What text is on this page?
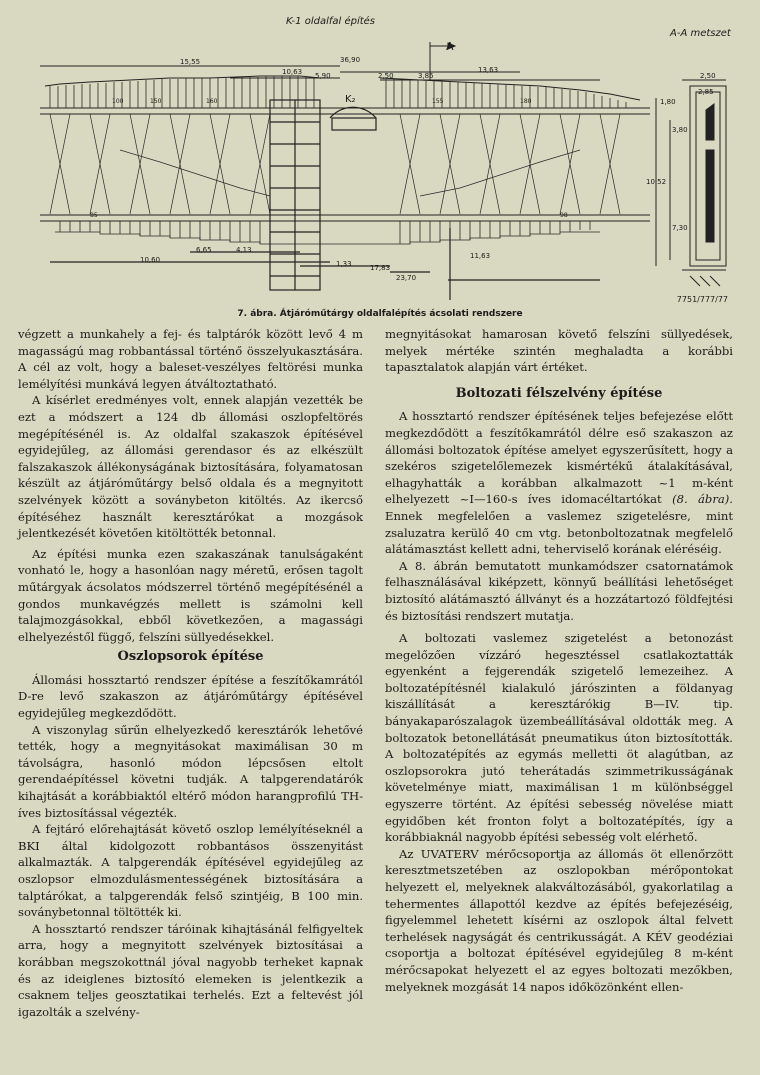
K-1 oldalfal építés
A-A metszet
A
K₂
36,90
15,55
10,63 5,90	2,50	3,85
13,63
10,60
6,65	4,13
1,33
11,63
17,83
23,70
2,50
2,85
1,80
3,80
10,52
7,30
100	150	160	155	180
85	98
7751/777/77
7. ábra. Átjáróműtárgy oldalfalépítés ácsolati rendszere

végzett a munkahely a fej- és talptárók között levő 4 m magasságú mag robbantással történő összelyukasztására. A cél az volt, hogy a baleset-veszélyes feltörési munka lemélyítési munkává legyen átváltoztatható.

A kísérlet eredményes volt, ennek alapján vezették be ezt a módszert a 124 db állomási oszlopfeltörés megépítésénél is. Az oldalfal szakaszok építésével egyidejűleg, az állomási gerendasor és az elkészült falszakaszok állékonyságának biztosítására, folyamatosan készült az átjáróműtárgy belső oldala és a megnyitott szelvények között a soványbeton kitöltés. Az ikercső építéséhez használt keresztárókat a mozgások jelentkezését követően kitöltötték betonnal.

Az építési munka ezen szakaszának tanulságaként vonható le, hogy a hasonlóan nagy méretű, erősen tagolt műtárgyak ácsolatos módszerrel történő megépítésénél a gondos munkavégzés mellett is számolni kell talajmozgásokkal, ebből következően, a magassági elhelyezéstől függő, felszíni süllyedésekkel.

Oszlopsorok építése

Állomási hossztartó rendszer építése a feszítőkamrától D-re levő szakaszon az átjáróműtárgy építésével egyidejűleg megkezdődött.

A viszonylag sűrűn elhelyezkedő keresztárók lehetővé tették, hogy a megnyitásokat maximálisan 30 m távolságra, hasonló módon lépcsősen eltolt gerendaépítéssel követni tudják. A talpgerendatárók kihajtását a korábbiaktól eltérő módon harangprofilú TH-íves biztosítással végezték.

A fejtáró előrehajtását követő oszlop lemélyítéseknél a BKI által kidolgozott robbantásos összenyitást alkalmazták. A talpgerendák építésével egyidejűleg az oszlopsor elmozdulásmentességének biztosítására a talptárókat, a talpgerendák felső szintjéig, B 100 min. soványbetonnal töltötték ki.

A hossztartó rendszer táróinak kihajtásánál felfigyeltek arra, hogy a megnyitott szelvények biztosításai a korábban megszokottnál jóval nagyobb terheket kapnak és az ideiglenes biztosító elemeken is jelentkezik a csaknem teljes geosztatikai terhelés. Ezt a feltevést jól igazolták a szelvény-

megnyitásokat hamarosan követő felszíni süllyedések, melyek mértéke szintén meghaladta a korábbi tapasztalatok alapján várt értéket.

Boltozati félszelvény építése

A hossztartó rendszer építésének teljes befejezése előtt megkezdődött a feszítőkamrától délre eső szakaszon az állomási boltozatok építése amelyet egyszerűsített, hogy a szekéros szigetelőlemezek kismértékű átalakításával, elhagyhatták a korábban alkalmazott ~1 m-ként elhelyezett ~I—160-s íves idomacéltartókat (8. ábra). Ennek megfelelően a vaslemez szigetelésre, mint zsaluzatra kerülő 40 cm vtg. betonboltozatnak megfelelő alátámasztást kellett adni, teherviselő korának eléréséig.

A 8. ábrán bemutatott munkamódszer csatornatámok felhasználásával kiképzett, könnyű beállítási lehetőséget biztosító alátámasztó állványt és a hozzátartozó földfejtési és biztosítási rendszert mutatja.

A boltozati vaslemez szigetelést a betonozást megelőzően vízzáró hegesztéssel csatlakoztatták egyenként a fejgerendák szigetelő lemezeihez. A boltozatépítésnél kialakuló járószinten a földanyag kiszállítását a keresztárókig B—IV. tip. bányakaparószalagok üzembeállításával oldották meg. A boltozatok betonellátását pneumatikus úton biztosították. A boltozatépítés az egymás melletti öt alagútban, az oszlopsorokra jutó teherátadás szimmetrikusságának követelménye miatt, maximálisan 1 m különbséggel egyszerre történt. Az építési sebesség növelése miatt egyidőben két fronton folyt a boltozatépítés, így a korábbiaknál nagyobb építési sebesség volt elérhető.

Az UVATERV mérőcsoportja az állomás öt ellenőrzött keresztmetszetében az oszlopokban mérőpontokat helyezett el, melyeknek alakváltozásából, gyakorlatilag a tehermentes állapottól kezdve az építés befejezéséig, figyelemmel lehetett kísérni az oszlopok által felvett terhelések nagyságát és centrikusságát. A KÉV geodéziai csoportja a boltozat építésével egyidejűleg 8 m-ként mérőcsapokat helyezett el az egyes boltozati mezőkben, melyeknek mozgását 14 napos időközönként ellen-
